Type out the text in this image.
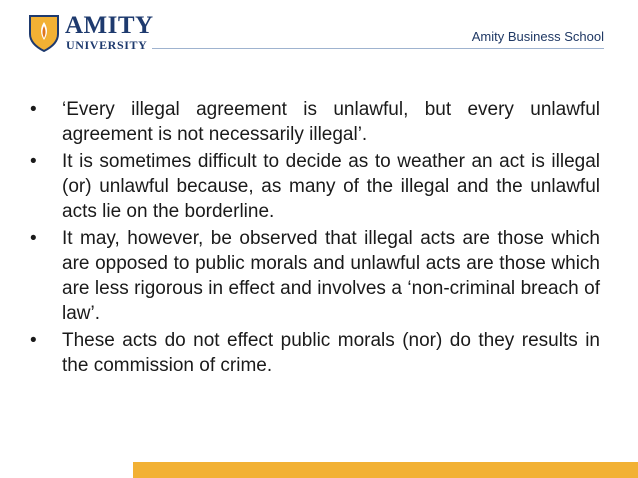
AMITY
UNIVERSITY
Amity Business School
•	‘Every illegal agreement is unlawful, but every unlawful agreement is not necessarily illegal’.
•	It is sometimes difficult to decide as to weather an act is illegal (or) unlawful because, as many of the illegal and the unlawful acts lie on the borderline.
•	It may, however, be observed that illegal acts are those which are opposed to public morals and unlawful acts are those which are less rigorous in effect and involves a ‘non-criminal breach of law’.
•	These acts do not effect public morals (nor) do they results in the commission of crime.
